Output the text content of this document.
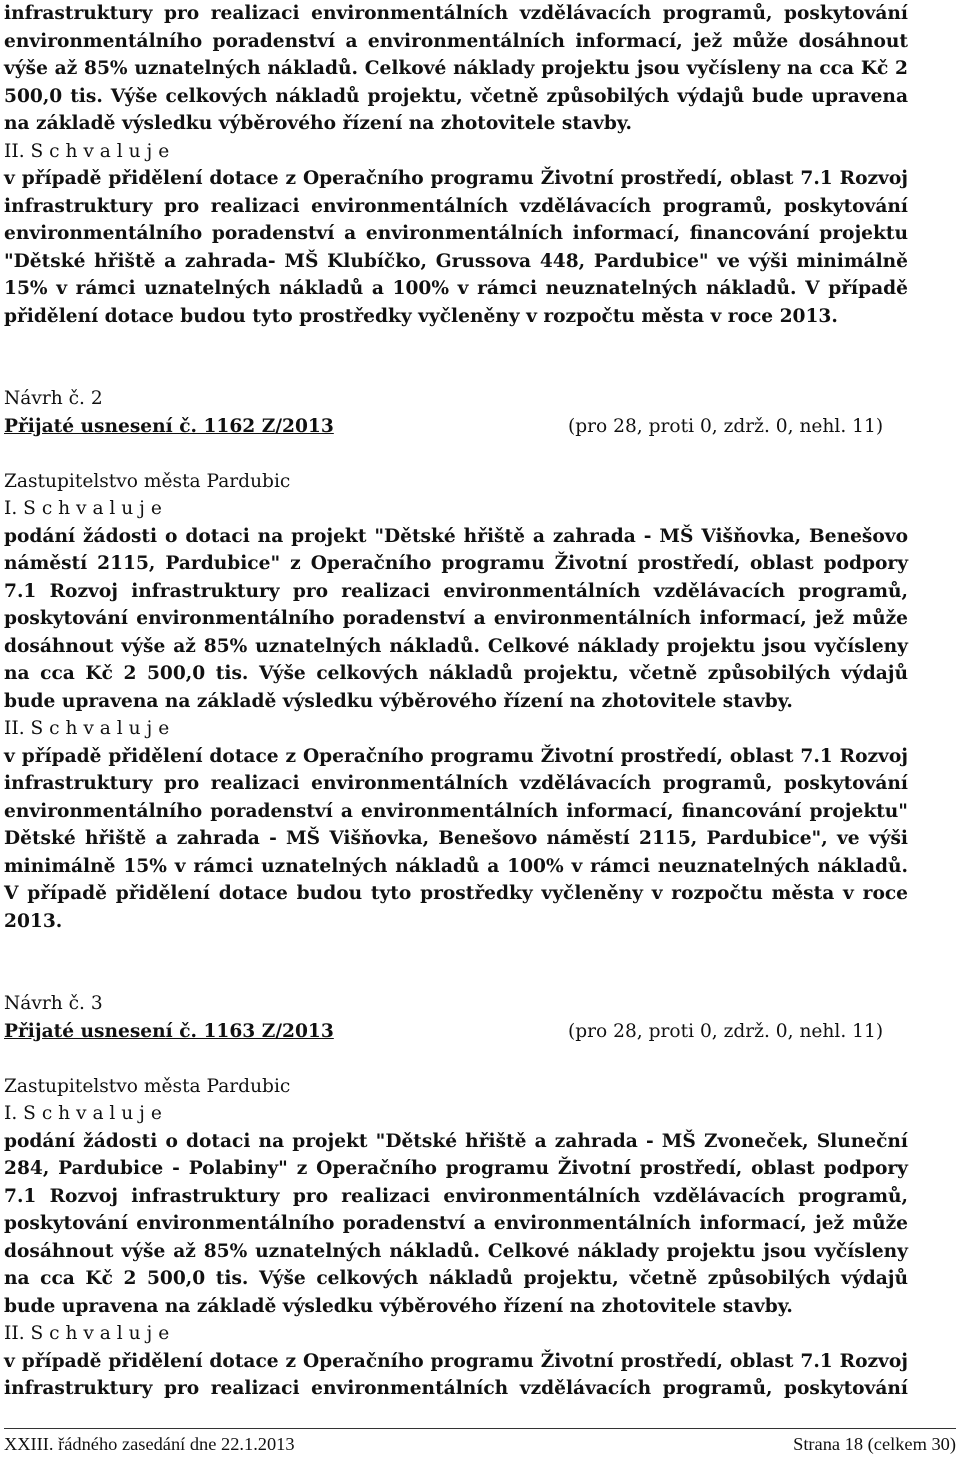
infrastruktury pro realizaci environmentálních vzdělávacích programů, poskytování environmentálního poradenství a environmentálních informací, jež může dosáhnout výše až 85% uznatelných nákladů. Celkové náklady projektu jsou vyčísleny na cca Kč 2 500,0 tis. Výše celkových nákladů projektu, včetně způsobilých výdajů bude upravena na základě výsledku výběrového řízení na zhotovitele stavby.

II. S c h v a l u j e

v případě přidělení dotace z Operačního programu Životní prostředí, oblast 7.1 Rozvoj infrastruktury pro realizaci environmentálních vzdělávacích programů, poskytování environmentálního poradenství a environmentálních informací, financování projektu "Dětské hřiště a zahrada- MŠ Klubíčko, Grussova 448, Pardubice" ve výši minimálně 15% v rámci uznatelných nákladů a 100% v rámci neuznatelných nákladů. V případě přidělení dotace budou tyto prostředky vyčleněny v rozpočtu města v roce 2013.

Návrh č. 2

Přijaté usnesení č. 1162 Z/2013	(pro 28, proti 0, zdrž. 0, nehl. 11)

Zastupitelstvo města Pardubic

I. S c h v a l u j e

podání žádosti o dotaci na projekt "Dětské hřiště a zahrada - MŠ Višňovka, Benešovo náměstí 2115, Pardubice" z Operačního programu Životní prostředí, oblast podpory 7.1 Rozvoj infrastruktury pro realizaci environmentálních vzdělávacích programů, poskytování environmentálního poradenství a environmentálních informací, jež může dosáhnout výše až 85% uznatelných nákladů. Celkové náklady projektu jsou vyčísleny na cca Kč 2 500,0 tis. Výše celkových nákladů projektu, včetně způsobilých výdajů bude upravena na základě výsledku výběrového řízení na zhotovitele stavby.

II. S c h v a l u j e

v případě přidělení dotace z Operačního programu Životní prostředí, oblast 7.1 Rozvoj infrastruktury pro realizaci environmentálních vzdělávacích programů, poskytování environmentálního poradenství a environmentálních informací, financování projektu" Dětské hřiště a zahrada - MŠ Višňovka, Benešovo náměstí 2115, Pardubice", ve výši minimálně 15% v rámci uznatelných nákladů a 100% v rámci neuznatelných nákladů. V případě přidělení dotace budou tyto prostředky vyčleněny v rozpočtu města v roce 2013.

Návrh č. 3

Přijaté usnesení č. 1163 Z/2013	(pro 28, proti 0, zdrž. 0, nehl. 11)

Zastupitelstvo města Pardubic

I. S c h v a l u j e

podání žádosti o dotaci na projekt "Dětské hřiště a zahrada - MŠ Zvoneček, Sluneční 284, Pardubice - Polabiny" z Operačního programu Životní prostředí, oblast podpory 7.1 Rozvoj infrastruktury pro realizaci environmentálních vzdělávacích programů, poskytování environmentálního poradenství a environmentálních informací, jež může dosáhnout výše až 85% uznatelných nákladů. Celkové náklady projektu jsou vyčísleny na cca Kč 2 500,0 tis. Výše celkových nákladů projektu, včetně způsobilých výdajů bude upravena na základě výsledku výběrového řízení na zhotovitele stavby.

II. S c h v a l u j e

v případě přidělení dotace z Operačního programu Životní prostředí, oblast 7.1 Rozvoj infrastruktury pro realizaci environmentálních vzdělávacích programů, poskytování

XXIII. řádného zasedání dne 22.1.2013	Strana 18 (celkem 30)
